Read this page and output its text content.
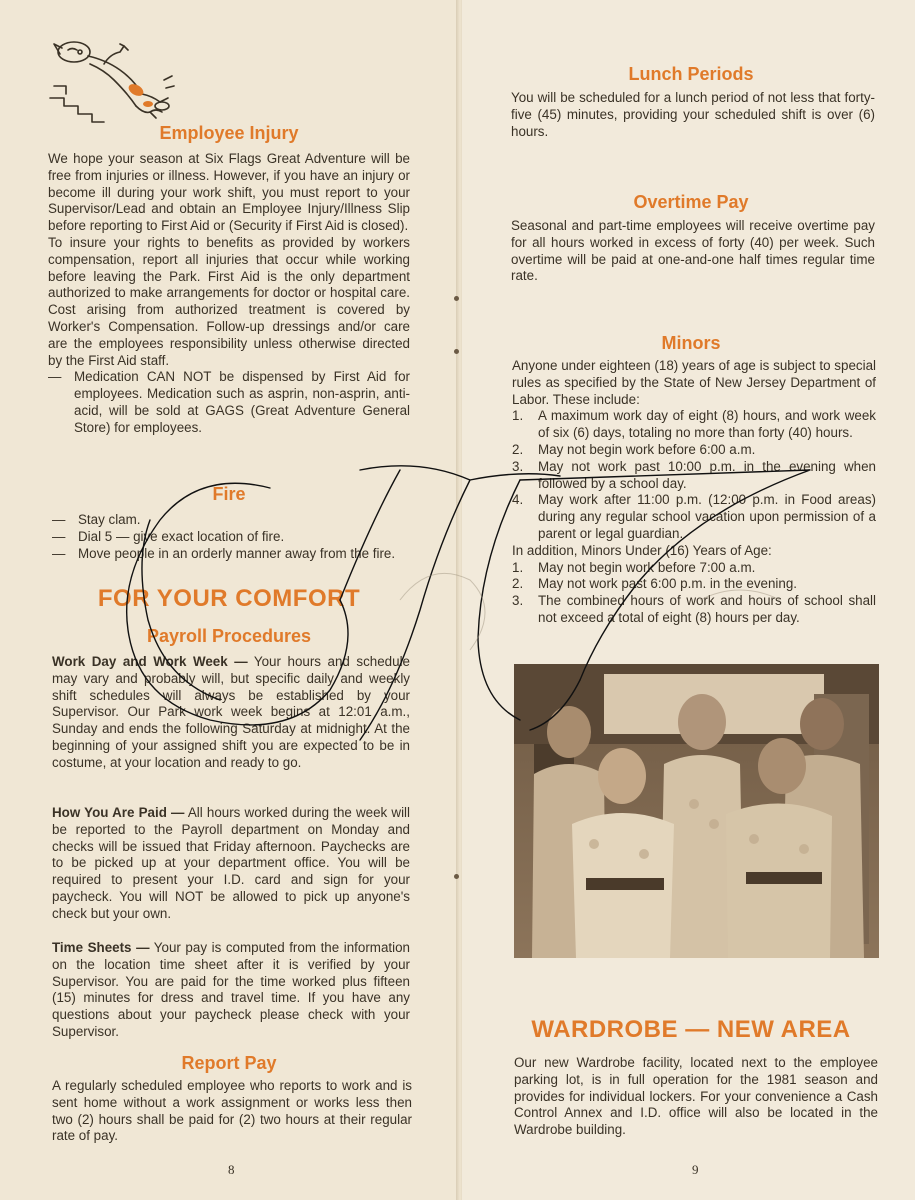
Employee Injury

We hope your season at Six Flags Great Adventure will be free from injuries or illness. However, if you have an injury or become ill during your work shift, you must report to your Supervisor/Lead and obtain an Employee Injury/Illness Slip before reporting to First Aid or (Security if First Aid is closed).

To insure your rights to benefits as provided by workers compensation, report all injuries that occur while working before leaving the Park. First Aid is the only department authorized to make arrangements for doctor or hospital care. Cost arising from authorized treatment is covered by Worker's Compensation. Follow-up dressings and/or care are the employees responsibility unless otherwise directed by the First Aid staff.

— Medication CAN NOT be dispensed by First Aid for employees. Medication such as asprin, non-asprin, anti-acid, will be sold at GAGS (Great Adventure General Store) for employees.
Fire
— Stay clam.
— Dial 5 — give exact location of fire.
— Move people in an orderly manner away from the fire.
FOR YOUR COMFORT
Payroll Procedures

Work Day and Work Week — Your hours and schedule may vary and probably will, but specific daily and weekly shift schedules will always be established by your Supervisor. Our Park work week begins at 12:01 a.m., Sunday and ends the following Saturday at midnight. At the beginning of your assigned shift you are expected to be in costume, at your location and ready to go.

How You Are Paid — All hours worked during the week will be reported to the Payroll department on Monday and checks will be issued that Friday afternoon. Paychecks are to be picked up at your department office. You will be required to present your I.D. card and sign for your paycheck. You will NOT be allowed to pick up anyone's check but your own.

Time Sheets — Your pay is computed from the information on the location time sheet after it is verified by your Supervisor. You are paid for the time worked plus fifteen (15) minutes for dress and travel time. If you have any questions about your paycheck please check with your Supervisor.

Report Pay

A regularly scheduled employee who reports to work and is sent home without a work assignment or works less then two (2) hours shall be paid for (2) two hours at their regular rate of pay.

8
Lunch Periods

You will be scheduled for a lunch period of not less that forty-five (45) minutes, providing your scheduled shift is over (6) hours.

Overtime Pay

Seasonal and part-time employees will receive overtime pay for all hours worked in excess of forty (40) per week. Such overtime will be paid at one-and-one half times regular time rate.

Minors

Anyone under eighteen (18) years of age is subject to special rules as specified by the State of New Jersey Department of Labor. These include:

1. A maximum work day of eight (8) hours, and work week of six (6) days, totaling no more than forty (40) hours.
2. May not begin work before 6:00 a.m.
3. May not work past 10:00 p.m. in the evening when followed by a school day.
4. May work after 11:00 p.m. (12:00 p.m. in Food areas) during any regular school vacation upon permission of a parent or legal guardian.

In addition, Minors Under (16) Years of Age:

1. May not begin work before 7:00 a.m.
2. May not work past 6:00 p.m. in the evening.
3. The combined hours of work and hours of school shall not exceed a total of eight (8) hours per day.
WARDROBE — NEW AREA

Our new Wardrobe facility, located next to the employee parking lot, is in full operation for the 1981 season and provides for individual lockers. For your convenience a Cash Control Annex and I.D. office will also be located in the Wardrobe building.

9
